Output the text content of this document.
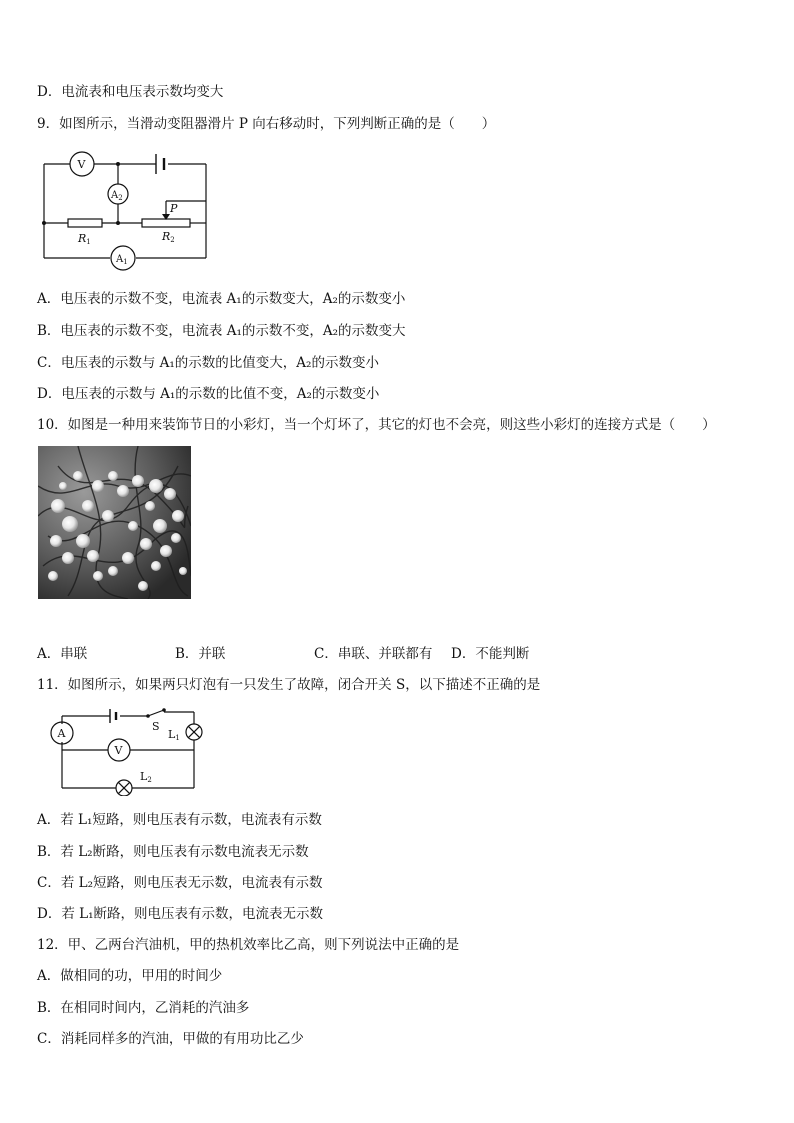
D．电流表和电压表示数均变大
9．如图所示，当滑动变阻器滑片 P 向右移动时，下列判断正确的是（　　）
V
$A_2$
P
R1	R2
$A_1$
A．电压表的示数不变，电流表 A₁的示数变大，A₂的示数变小
B．电压表的示数不变，电流表 A₁的示数不变，A₂的示数变大
C．电压表的示数与 A₁的示数的比值变大，A₂的示数变小
D．电压表的示数与 A₁的示数的比值不变，A₂的示数变小
10．如图是一种用来装饰节日的小彩灯，当一个灯坏了，其它的灯也不会亮，则这些小彩灯的连接方式是（　　）
A．串联	B．并联	C．串联、并联都有 D．不能判断
11．如图所示，如果两只灯泡有一只发生了故障，闭合开关 S，以下描述不正确的是
A
V
S
L1
L2
A．若 L₁短路，则电压表有示数，电流表有示数
B．若 L₂断路，则电压表有示数电流表无示数
C．若 L₂短路，则电压表无示数，电流表有示数
D．若 L₁断路，则电压表有示数，电流表无示数
12．甲、乙两台汽油机，甲的热机效率比乙高，则下列说法中正确的是
A．做相同的功，甲用的时间少
B．在相同时间内，乙消耗的汽油多
C．消耗同样多的汽油，甲做的有用功比乙少
